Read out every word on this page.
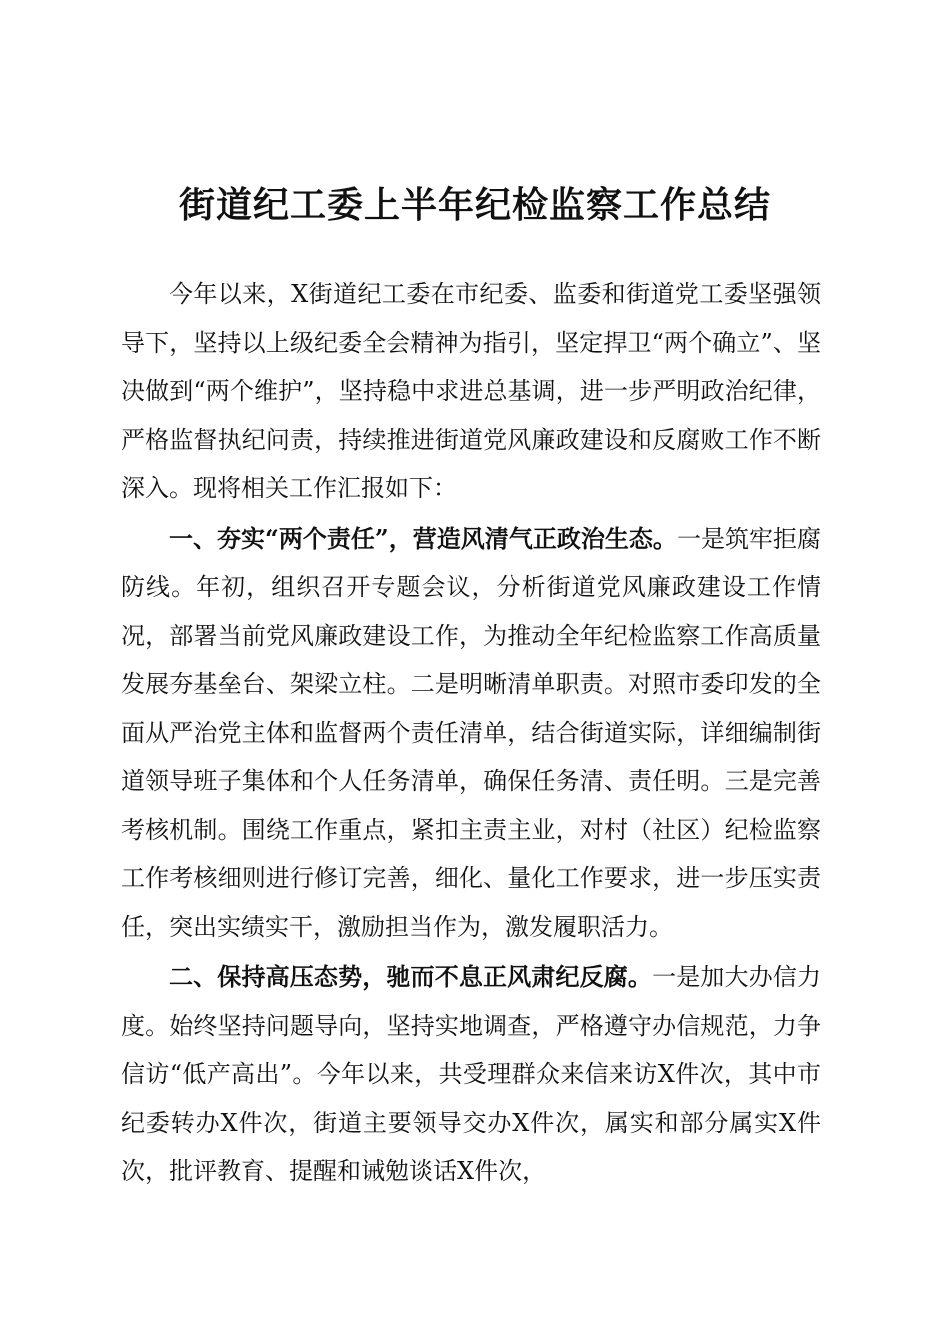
街道纪工委上半年纪检监察工作总结

今年以来，X街道纪工委在市纪委、监委和街道党工委坚强领导下，坚持以上级纪委全会精神为指引，坚定捍卫“两个确立”、坚决做到“两个维护”，坚持稳中求进总基调，进一步严明政治纪律，严格监督执纪问责，持续推进街道党风廉政建设和反腐败工作不断深入。现将相关工作汇报如下：

一、夯实“两个责任”，营造风清气正政治生态。一是筑牢拒腐防线。年初，组织召开专题会议，分析街道党风廉政建设工作情况，部署当前党风廉政建设工作，为推动全年纪检监察工作高质量发展夯基垒台、架梁立柱。二是明晰清单职责。对照市委印发的全面从严治党主体和监督两个责任清单，结合街道实际，详细编制街道领导班子集体和个人任务清单，确保任务清、责任明。三是完善考核机制。围绕工作重点，紧扣主责主业，对村（社区）纪检监察工作考核细则进行修订完善，细化、量化工作要求，进一步压实责任，突出实绩实干，激励担当作为，激发履职活力。

二、保持高压态势，驰而不息正风肃纪反腐。一是加大办信力度。始终坚持问题导向，坚持实地调查，严格遵守办信规范，力争信访“低产高出”。今年以来，共受理群众来信来访X件次，其中市纪委转办X件次，街道主要领导交办X件次，属实和部分属实X件次，批评教育、提醒和诫勉谈话X件次，
